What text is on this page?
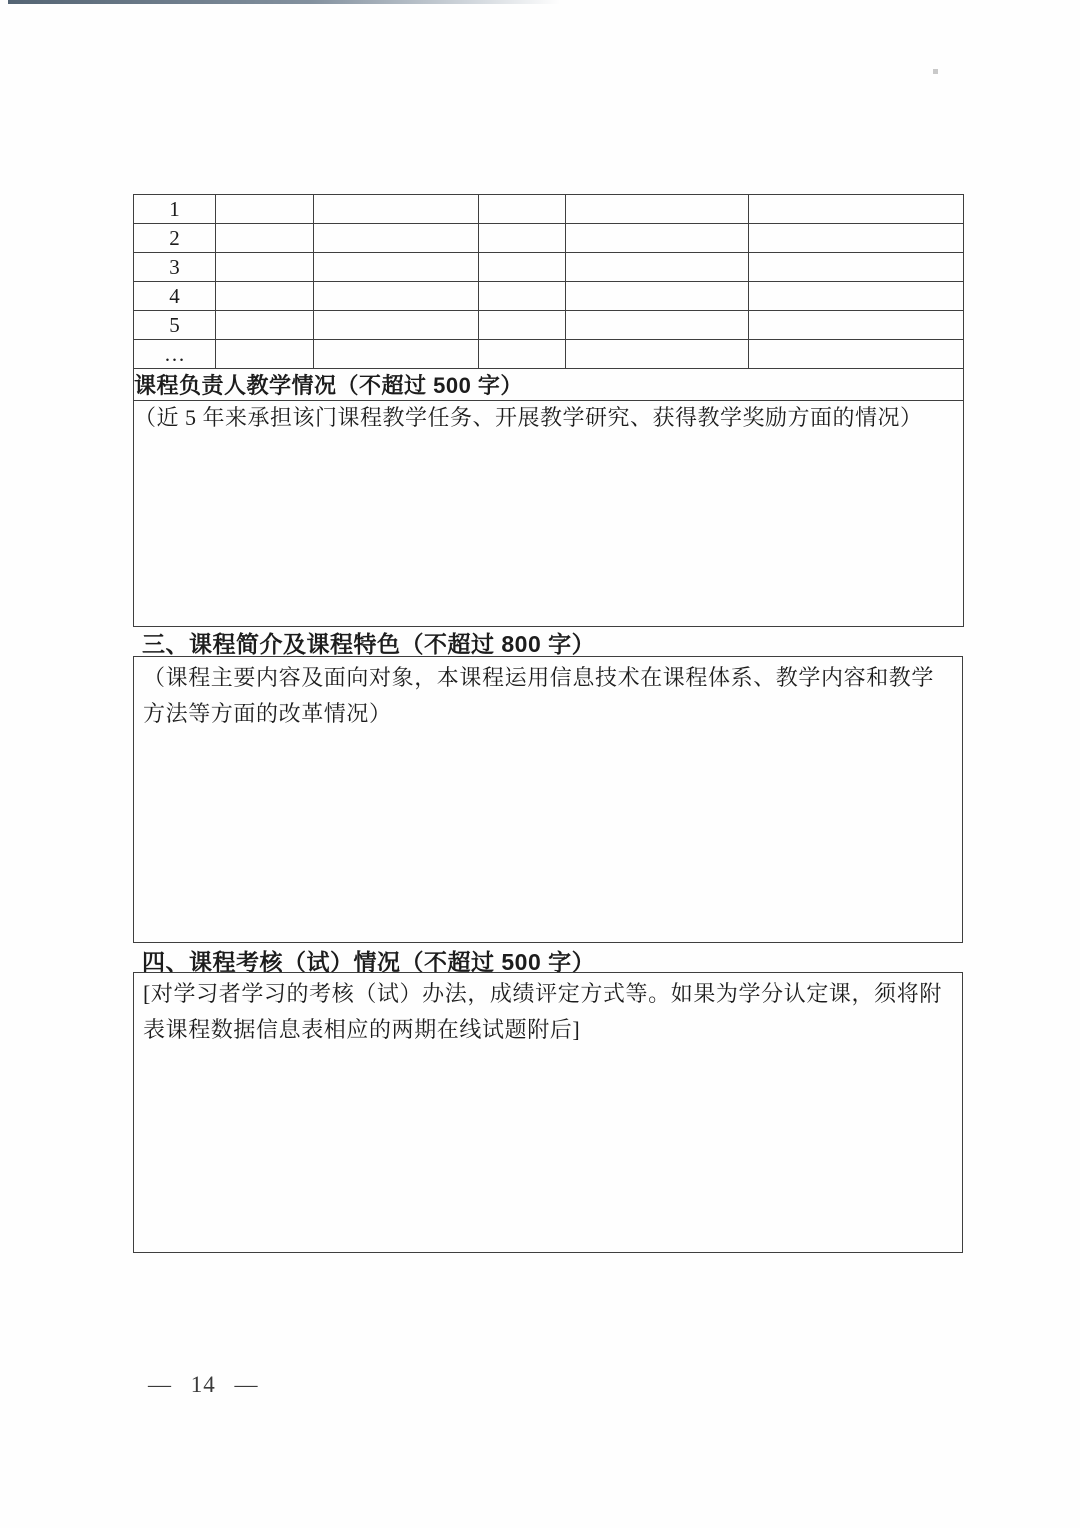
1					
2					
3					
4					
5					
…					
课程负责人教学情况（不超过 500 字）					
（近 5 年来承担该门课程教学任务、开展教学研究、获得教学奖励方面的情况）					
三、课程简介及课程特色（不超过 800 字）
（课程主要内容及面向对象，本课程运用信息技术在课程体系、教学内容和教学方法等方面的改革情况）
四、课程考核（试）情况（不超过 500 字）
[对学习者学习的考核（试）办法，成绩评定方式等。如果为学分认定课，须将附表课程数据信息表相应的两期在线试题附后]
— 14 —
